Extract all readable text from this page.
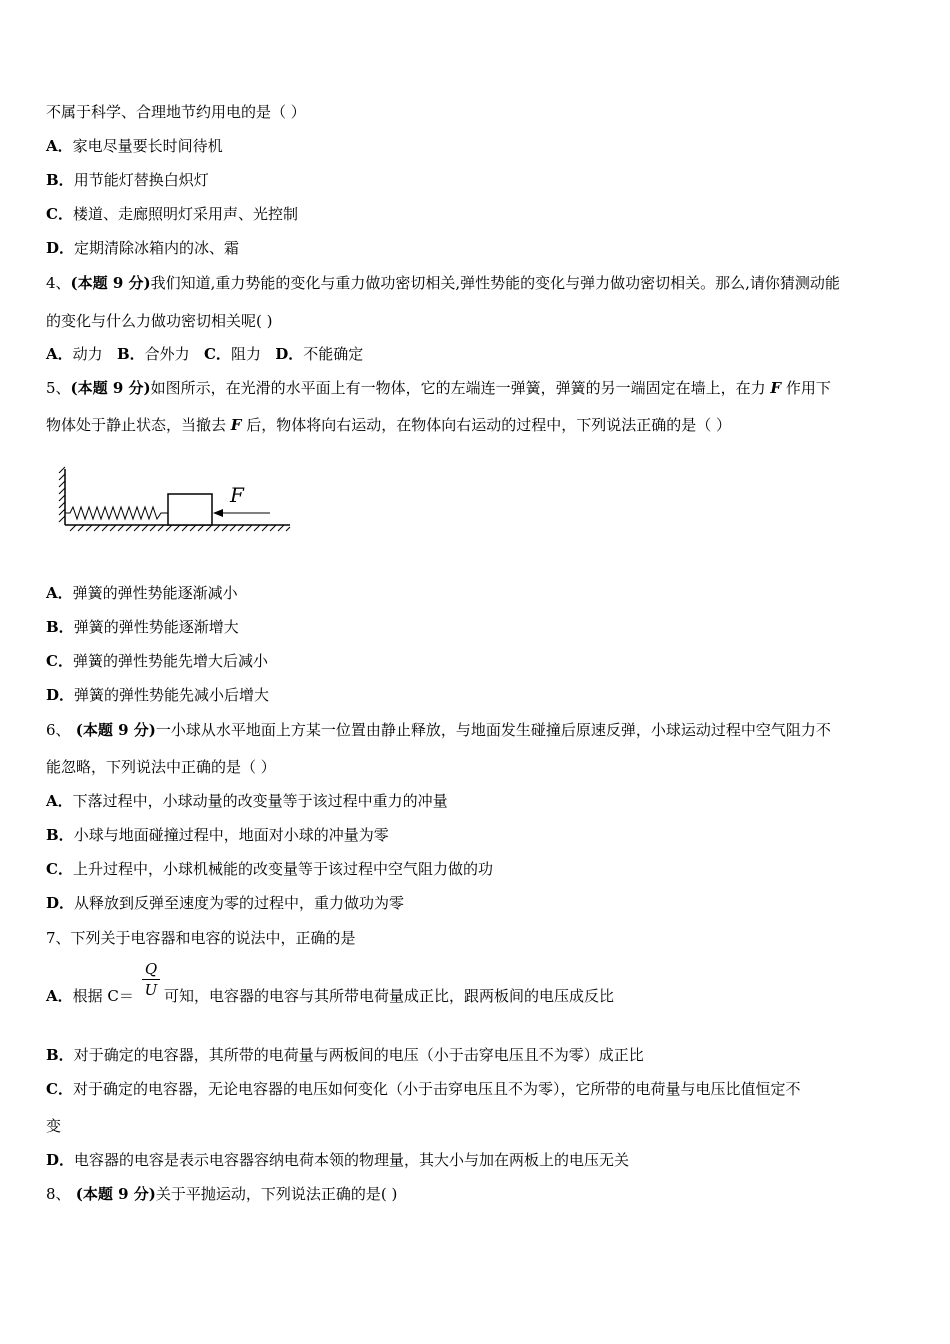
不属于科学、合理地节约用电的是（ ）
A．家电尽量要长时间待机
B．用节能灯替换白炽灯
C．楼道、走廊照明灯采用声、光控制
D．定期清除冰箱内的冰、霜
4、(本题 9 分)我们知道,重力势能的变化与重力做功密切相关,弹性势能的变化与弹力做功密切相关。那么,请你猜测动能
的变化与什么力做功密切相关呢( )
A．动力 B．合外力 C．阻力 D．不能确定
5、(本题 9 分)如图所示，在光滑的水平面上有一物体，它的左端连一弹簧，弹簧的另一端固定在墙上，在力 F 作用下
物体处于静止状态，当撤去 F 后，物体将向右运动，在物体向右运动的过程中，下列说法正确的是（ ）
F
A．弹簧的弹性势能逐渐减小
B．弹簧的弹性势能逐渐增大
C．弹簧的弹性势能先增大后减小
D．弹簧的弹性势能先减小后增大
6、 (本题 9 分)一小球从水平地面上方某一位置由静止释放，与地面发生碰撞后原速反弹，小球运动过程中空气阻力不
能忽略，下列说法中正确的是（ ）
A．下落过程中，小球动量的改变量等于该过程中重力的冲量
B．小球与地面碰撞过程中，地面对小球的冲量为零
C．上升过程中，小球机械能的改变量等于该过程中空气阻力做的功
D．从释放到反弹至速度为零的过程中，重力做功为零
7、下列关于电容器和电容的说法中，正确的是
A．根据 $C= \frac{Q}{U}$ 可知，电容器的电容与其所带电荷量成正比，跟两板间的电压成反比
B．对于确定的电容器，其所带的电荷量与两板间的电压（小于击穿电压且不为零）成正比
C．对于确定的电容器，无论电容器的电压如何变化（小于击穿电压且不为零），它所带的电荷量与电压比值恒定不
变
D．电容器的电容是表示电容器容纳电荷本领的物理量，其大小与加在两板上的电压无关
8、 (本题 9 分)关于平抛运动，下列说法正确的是( )
